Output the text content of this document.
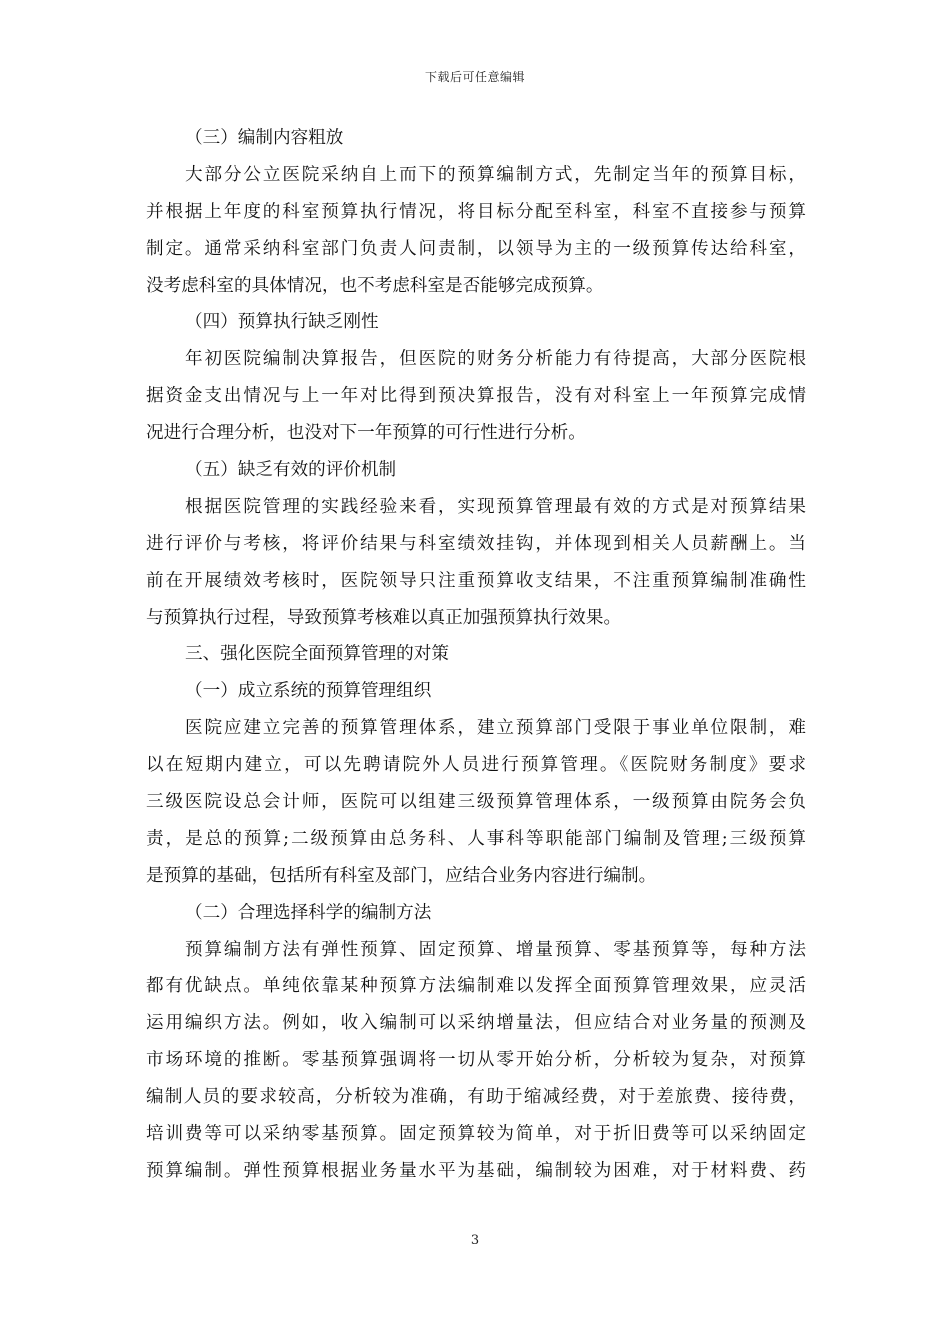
下载后可任意编辑
（三）编制内容粗放
大部分公立医院采纳自上而下的预算编制方式，先制定当年的预算目标，
并根据上年度的科室预算执行情况，将目标分配至科室，科室不直接参与预算
制定。通常采纳科室部门负责人问责制，以领导为主的一级预算传达给科室，
没考虑科室的具体情况，也不考虑科室是否能够完成预算。
（四）预算执行缺乏刚性
年初医院编制决算报告，但医院的财务分析能力有待提高，大部分医院根
据资金支出情况与上一年对比得到预决算报告，没有对科室上一年预算完成情
况进行合理分析，也没对下一年预算的可行性进行分析。
（五）缺乏有效的评价机制
根据医院管理的实践经验来看，实现预算管理最有效的方式是对预算结果
进行评价与考核，将评价结果与科室绩效挂钩，并体现到相关人员薪酬上。当
前在开展绩效考核时，医院领导只注重预算收支结果，不注重预算编制准确性
与预算执行过程，导致预算考核难以真正加强预算执行效果。
三、强化医院全面预算管理的对策
（一）成立系统的预算管理组织
医院应建立完善的预算管理体系，建立预算部门受限于事业单位限制，难
以在短期内建立，可以先聘请院外人员进行预算管理。《医院财务制度》要求
三级医院设总会计师，医院可以组建三级预算管理体系，一级预算由院务会负
责，是总的预算;二级预算由总务科、人事科等职能部门编制及管理;三级预算
是预算的基础，包括所有科室及部门，应结合业务内容进行编制。
（二）合理选择科学的编制方法
预算编制方法有弹性预算、固定预算、增量预算、零基预算等，每种方法
都有优缺点。单纯依靠某种预算方法编制难以发挥全面预算管理效果，应灵活
运用编织方法。例如，收入编制可以采纳增量法，但应结合对业务量的预测及
市场环境的推断。零基预算强调将一切从零开始分析，分析较为复杂，对预算
编制人员的要求较高，分析较为准确，有助于缩减经费，对于差旅费、接待费，
培训费等可以采纳零基预算。固定预算较为简单，对于折旧费等可以采纳固定
预算编制。弹性预算根据业务量水平为基础，编制较为困难，对于材料费、药
3
